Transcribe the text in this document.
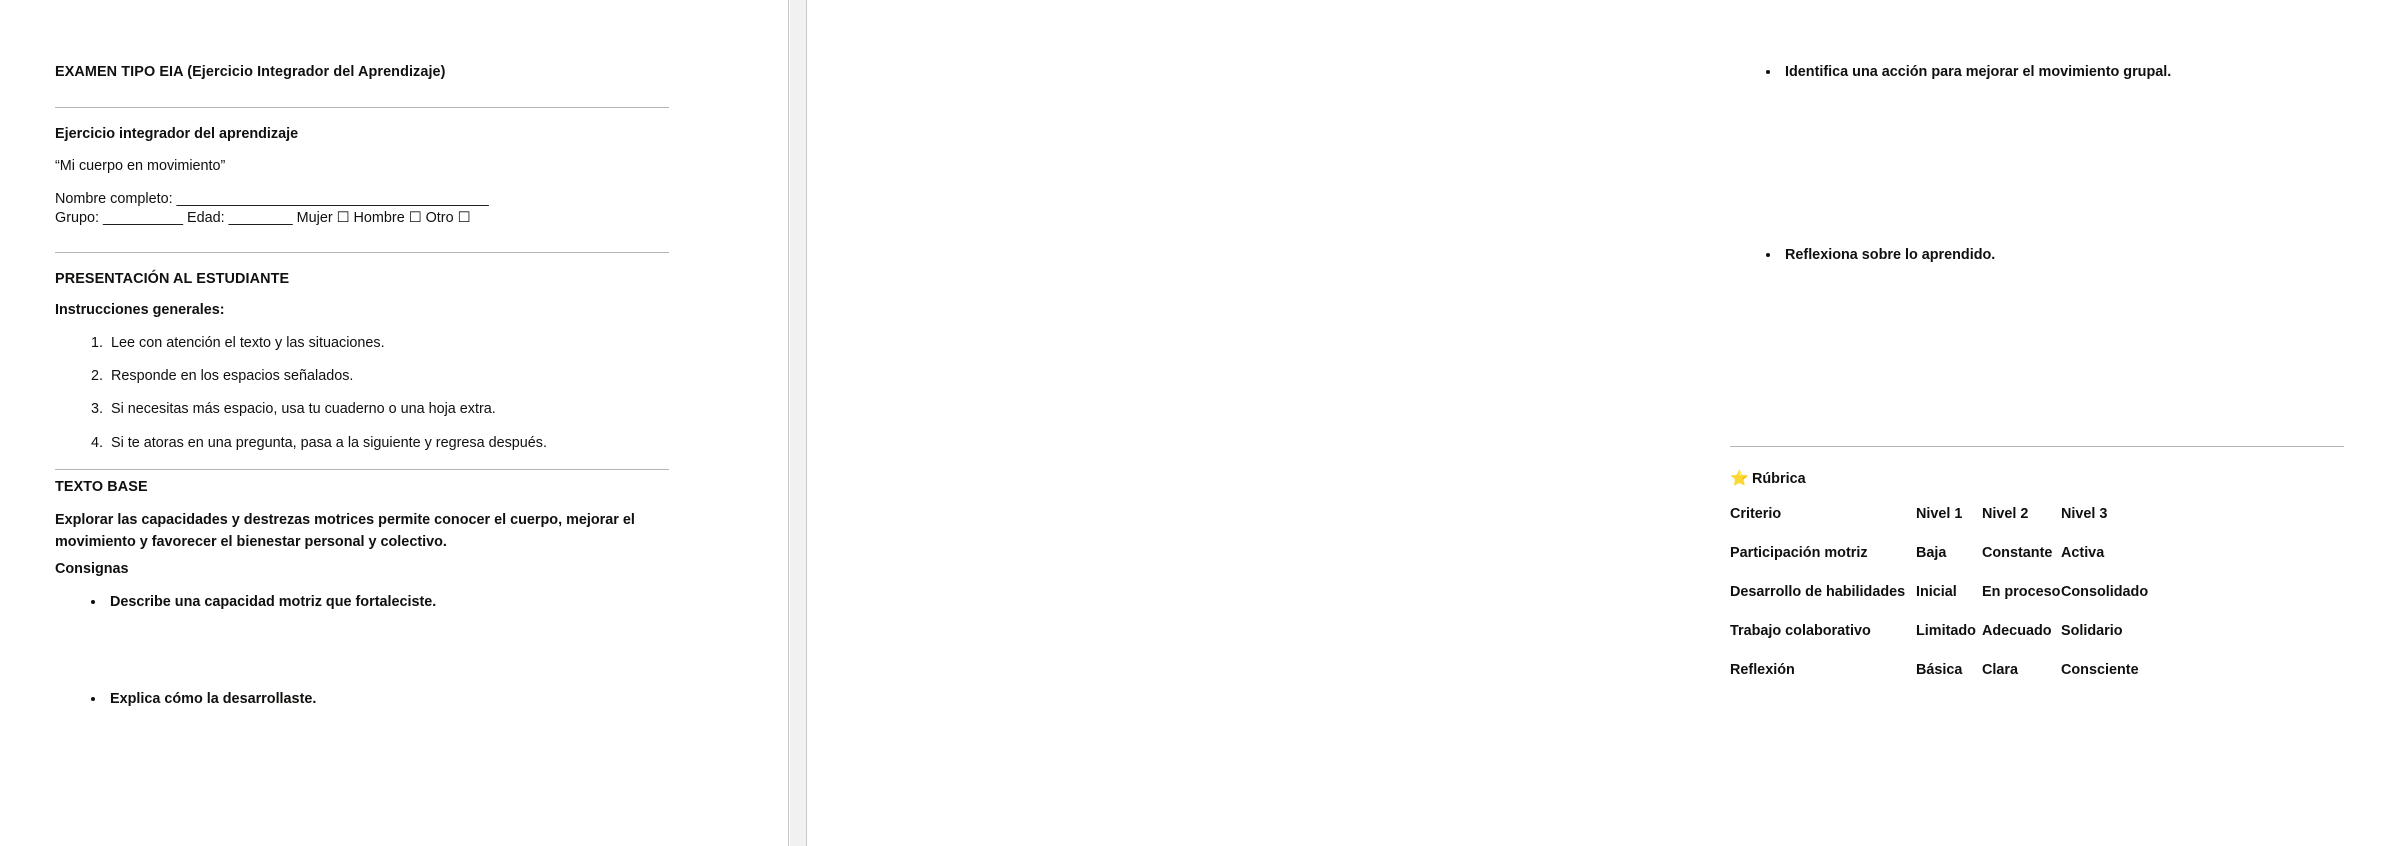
EXAMEN TIPO EIA (Ejercicio Integrador del Aprendizaje)
Ejercicio integrador del aprendizaje
“Mi cuerpo en movimiento”
Nombre completo: _______________________________________
Grupo: __________ Edad: ________ Mujer ☐ Hombre ☐ Otro ☐
PRESENTACIÓN AL ESTUDIANTE
Instrucciones generales:
1. Lee con atención el texto y las situaciones.
2. Responde en los espacios señalados.
3. Si necesitas más espacio, usa tu cuaderno o una hoja extra.
4. Si te atoras en una pregunta, pasa a la siguiente y regresa después.
TEXTO BASE
Explorar las capacidades y destrezas motrices permite conocer el cuerpo, mejorar el movimiento y favorecer el bienestar personal y colectivo.
Consignas
• Describe una capacidad motriz que fortaleciste.
• Explica cómo la desarrollaste.
• Identifica una acción para mejorar el movimiento grupal.
• Reflexiona sobre lo aprendido.
⭐ Rúbrica
Criterio	Nivel 1	Nivel 2	Nivel 3
Participación motriz	Baja	Constante	Activa
Desarrollo de habilidades	Inicial	En proceso	Consolidado
Trabajo colaborativo	Limitado	Adecuado	Solidario
Reflexión	Básica	Clara	Consciente
